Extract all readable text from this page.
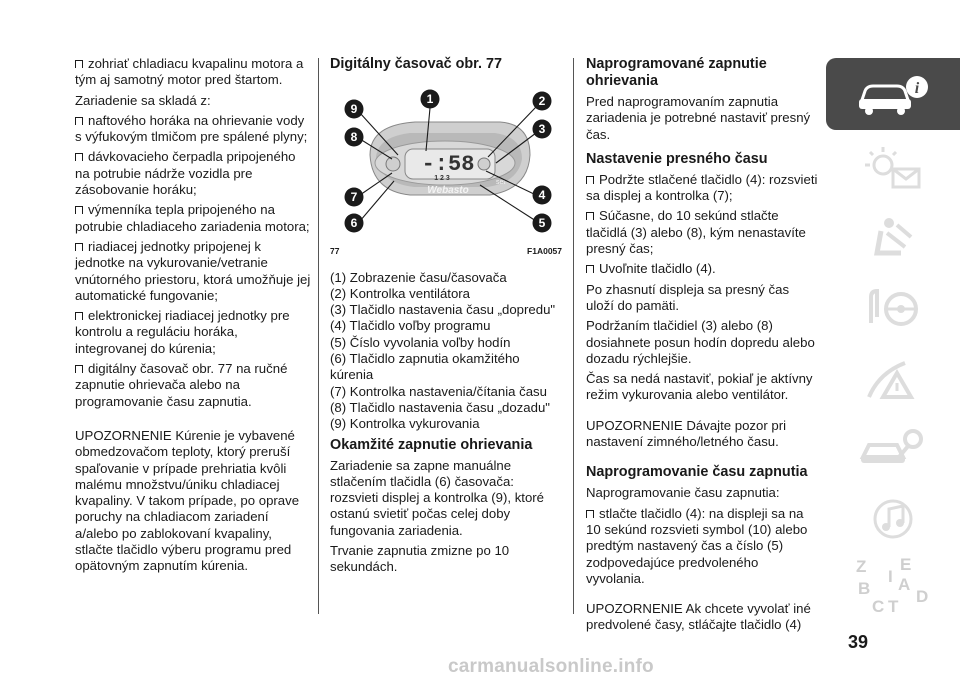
zohriať chladiacu kvapalinu motora a tým aj samotný motor pred štartom.

Zariadenie sa skladá z:

naftového horáka na ohrievanie vody s výfukovým tlmičom pre spálené plyny;

dávkovacieho čerpadla pripojeného na potrubie nádrže vozidla pre zásobovanie horáku;

výmenníka tepla pripojeného na potrubie chladiaceho zariadenia motora;

riadiacej jednotky pripojenej k jednotke na vykurovanie/vetranie vnútorného priestoru, ktorá umožňuje jej automatické fungovanie;

elektronickej riadiacej jednotky pre kontrolu a reguláciu horáka, integrovanej do kúrenia;

digitálny časovač obr. 77 na ručné zapnutie ohrievača alebo na programovanie času zapnutia.

UPOZORNENIE Kúrenie je vybavené obmedzovačom teploty, ktorý preruší spaľovanie v prípade prehriatia kvôli malému množstvu/úniku chladiacej kvapaliny. V takom prípade, po oprave poruchy na chladiacom zariadení a/alebo po zablokovaní kvapaliny, stlačte tlačidlo výberu programu pred opätovným zapnutím kúrenia.

Digitálny časovač obr. 77

-:58
1 2 3
Webasto
set
1	2
3
4
5
6
7
8
9
77	F1A0057

(1) Zobrazenie času/časovača

(2) Kontrolka ventilátora

(3) Tlačidlo nastavenia času „dopredu"

(4) Tlačidlo voľby programu

(5) Číslo vyvolania voľby hodín

(6) Tlačidlo zapnutia okamžitého kúrenia

(7) Kontrolka nastavenia/čítania času

(8) Tlačidlo nastavenia času „dozadu"

(9) Kontrolka vykurovania

Okamžité zapnutie ohrievania

Zariadenie sa zapne manuálne stlačením tlačidla (6) časovača: rozsvieti displej a kontrolka (9), ktoré ostanú svietiť počas celej doby fungovania zariadenia.

Trvanie zapnutia zmizne po 10 sekundách.

Naprogramované zapnutie ohrievania

Pred naprogramovaním zapnutia zariadenia je potrebné nastaviť presný čas.

Nastavenie presného času

Podržte stlačené tlačidlo (4): rozsvieti sa displej a kontrolka (7);

Súčasne, do 10 sekúnd stlačte tlačidlá (3) alebo (8), kým nenastavíte presný čas;

Uvoľnite tlačidlo (4).

Po zhasnutí displeja sa presný čas uloží do pamäti.

Podržaním tlačidiel (3) alebo (8) dosiahnete posun hodín dopredu alebo dozadu rýchlejšie.

Čas sa nedá nastaviť, pokiaľ je aktívny režim vykurovania alebo ventilátor.

UPOZORNENIE Dávajte pozor pri nastavení zimného/letného času.

Naprogramovanie času zapnutia

Naprogramovanie času zapnutia:

stlačte tlačidlo (4): na displeji sa na 10 sekúnd rozsvieti symbol (10) alebo predtým nastavený čas a číslo (5) zodpovedajúce predvoleného vyvolania.

UPOZORNENIE Ak chcete vyvolať iné predvolené časy, stláčajte tlačidlo (4)

i
Z E
B A
C
D
I
T
39
carmanualsonline.info
